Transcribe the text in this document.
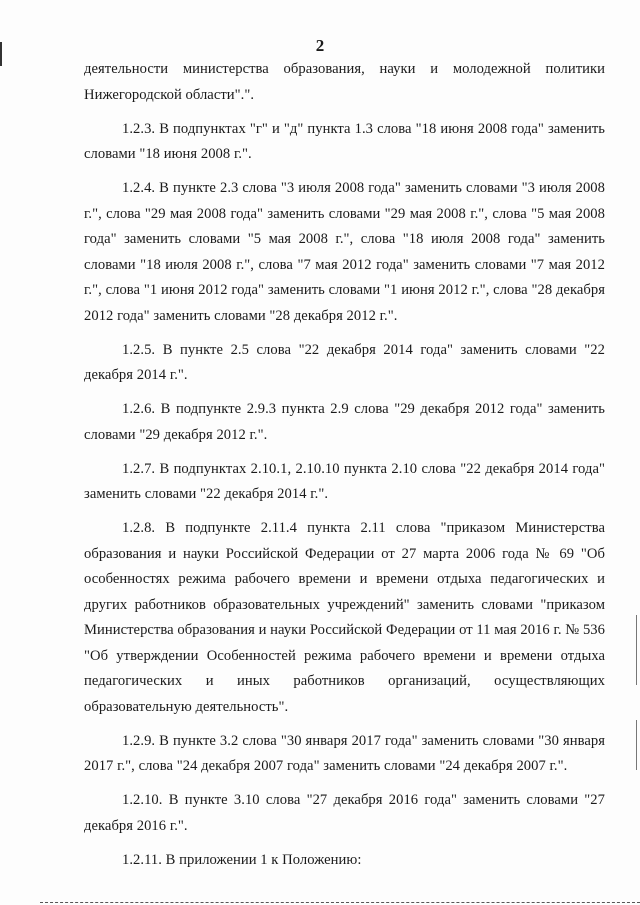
2

деятельности министерства образования, науки и молодежной политики Нижегородской области".".

1.2.3. В подпунктах "г" и "д" пункта 1.3 слова "18 июня 2008 года" заменить словами "18 июня 2008 г.".

1.2.4. В пункте 2.3 слова "3 июля 2008 года" заменить словами "3 июля 2008 г.", слова "29 мая 2008 года" заменить словами "29 мая 2008 г.", слова "5 мая 2008 года" заменить словами "5 мая 2008 г.", слова "18 июля 2008 года" заменить словами "18 июля 2008 г.", слова "7 мая 2012 года" заменить словами "7 мая 2012 г.", слова "1 июня 2012 года" заменить словами "1 июня 2012 г.", слова "28 декабря 2012 года" заменить словами "28 декабря 2012 г.".

1.2.5. В пункте 2.5 слова "22 декабря 2014 года" заменить словами "22 декабря 2014 г.".

1.2.6. В подпункте 2.9.3 пункта 2.9 слова "29 декабря 2012 года" заменить словами "29 декабря 2012 г.".

1.2.7. В подпунктах 2.10.1, 2.10.10 пункта 2.10 слова "22 декабря 2014 года" заменить словами "22 декабря 2014 г.".

1.2.8. В подпункте 2.11.4 пункта 2.11 слова "приказом Министерства образования и науки Российской Федерации от 27 марта 2006 года № 69 "Об особенностях режима рабочего времени и времени отдыха педагогических и других работников образовательных учреждений" заменить словами "приказом Министерства образования и науки Российской Федерации от 11 мая 2016 г. № 536 "Об утверждении Особенностей режима рабочего времени и времени отдыха педагогических и иных работников организаций, осуществляющих образовательную деятельность".

1.2.9. В пункте 3.2 слова "30 января 2017 года" заменить словами "30 января 2017 г.", слова "24 декабря 2007 года" заменить словами "24 декабря 2007 г.".

1.2.10. В пункте 3.10 слова "27 декабря 2016 года" заменить словами "27 декабря 2016 г.".

1.2.11. В приложении 1 к Положению:
